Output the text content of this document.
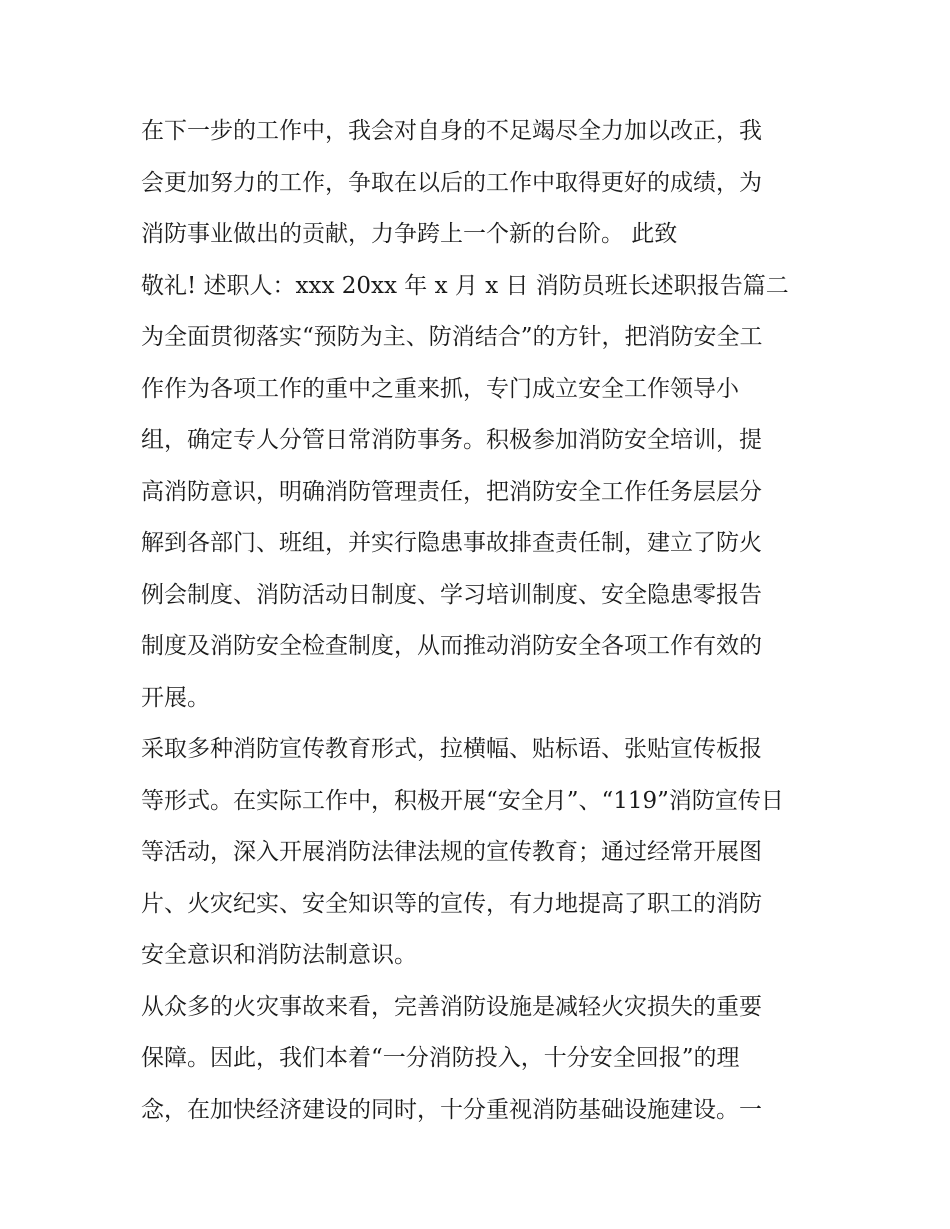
在下一步的工作中，我会对自身的不足竭尽全力加以改正，我
会更加努力的工作，争取在以后的工作中取得更好的成绩，为
消防事业做出的贡献，力争跨上一个新的台阶。 此致
敬礼! 述职人：xxx 20xx 年 x 月 x 日 消防员班长述职报告篇二
为全面贯彻落实“预防为主、防消结合”的方针，把消防安全工
作作为各项工作的重中之重来抓，专门成立安全工作领导小
组，确定专人分管日常消防事务。积极参加消防安全培训，提
高消防意识，明确消防管理责任，把消防安全工作任务层层分
解到各部门、班组，并实行隐患事故排查责任制，建立了防火
例会制度、消防活动日制度、学习培训制度、安全隐患零报告
制度及消防安全检查制度，从而推动消防安全各项工作有效的
开展。
采取多种消防宣传教育形式，拉横幅、贴标语、张贴宣传板报
等形式。在实际工作中，积极开展“安全月”、“119”消防宣传日
等活动，深入开展消防法律法规的宣传教育；通过经常开展图
片、火灾纪实、安全知识等的宣传，有力地提高了职工的消防
安全意识和消防法制意识。
从众多的火灾事故来看，完善消防设施是减轻火灾损失的重要
保障。因此，我们本着“一分消防投入，十分安全回报”的理
念，在加快经济建设的同时，十分重视消防基础设施建设。一
